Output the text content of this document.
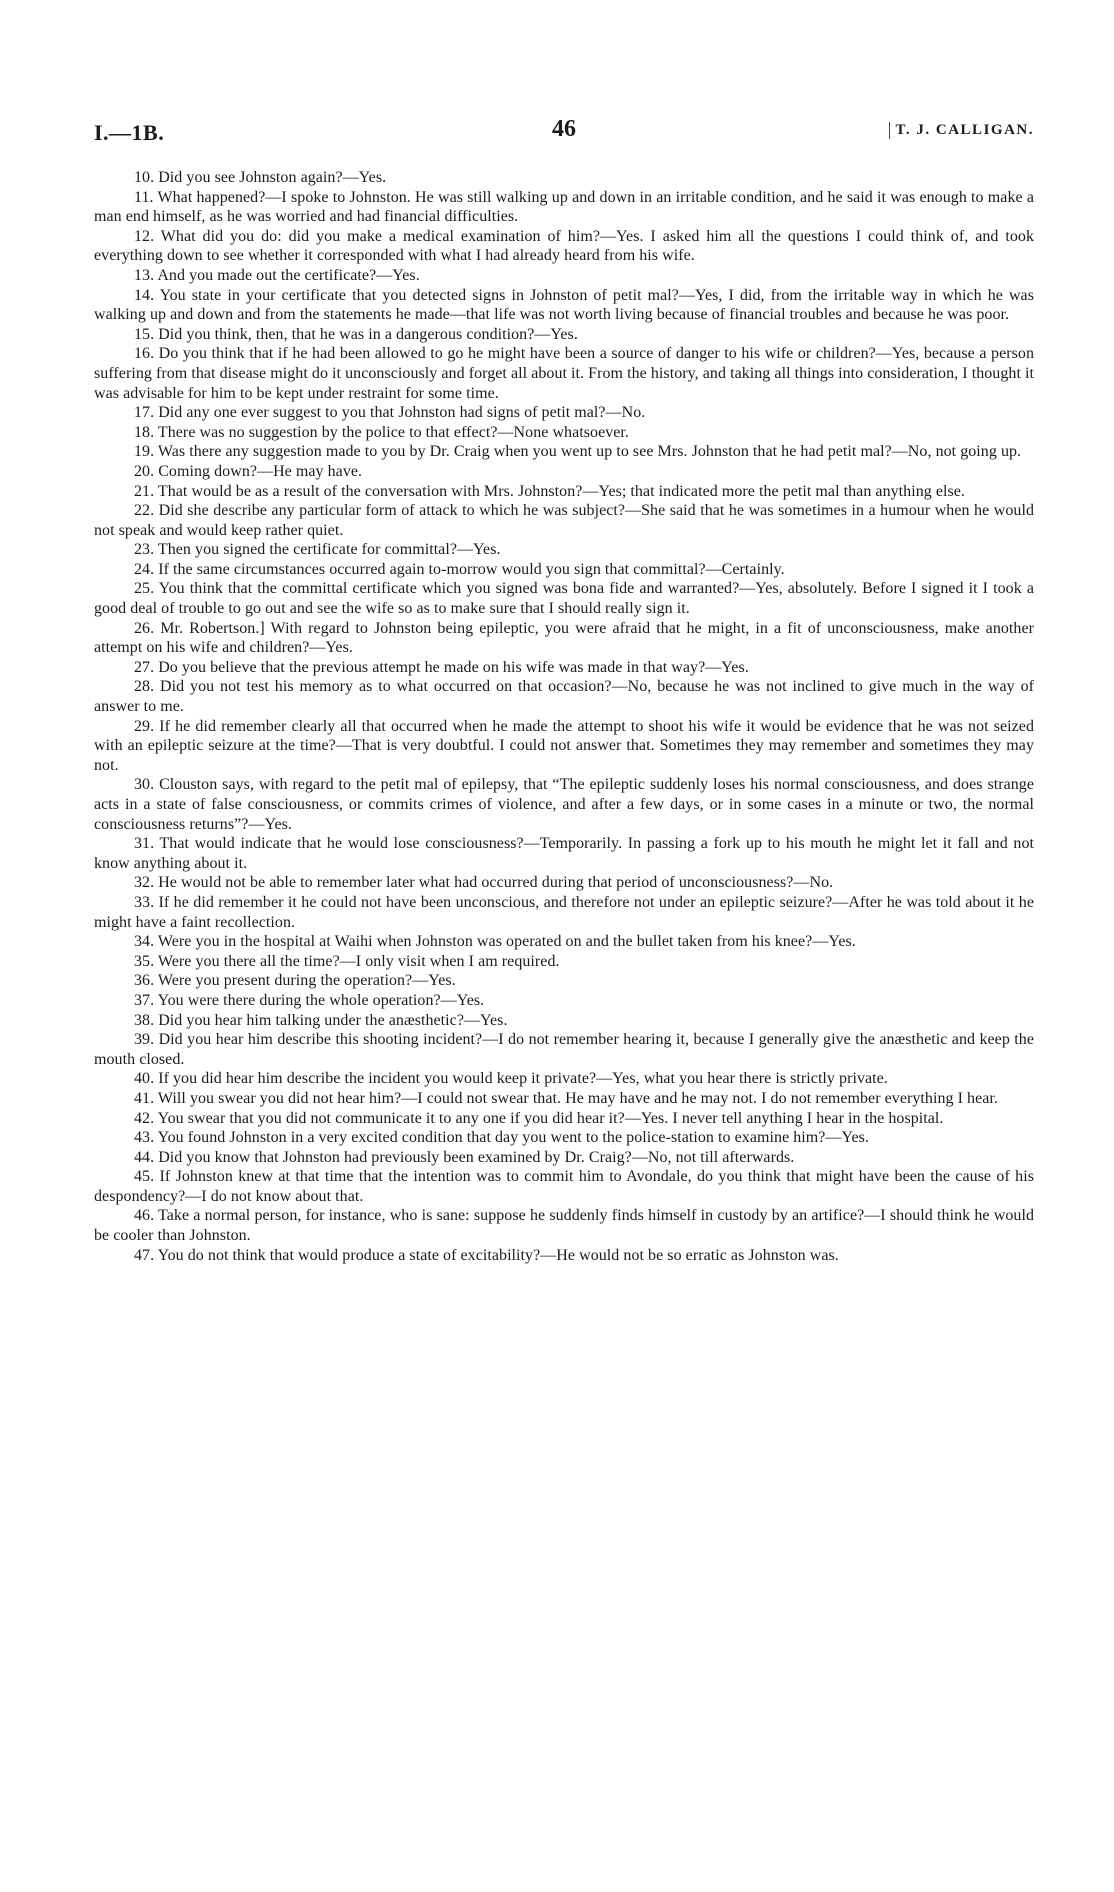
I.—1B.	46	T. J. CALLIGAN.

10. Did you see Johnston again?—Yes.

11. What happened?—I spoke to Johnston. He was still walking up and down in an irritable condition, and he said it was enough to make a man end himself, as he was worried and had financial difficulties.

12. What did you do: did you make a medical examination of him?—Yes. I asked him all the questions I could think of, and took everything down to see whether it corresponded with what I had already heard from his wife.

13. And you made out the certificate?—Yes.

14. You state in your certificate that you detected signs in Johnston of petit mal?—Yes, I did, from the irritable way in which he was walking up and down and from the statements he made—that life was not worth living because of financial troubles and because he was poor.

15. Did you think, then, that he was in a dangerous condition?—Yes.

16. Do you think that if he had been allowed to go he might have been a source of danger to his wife or children?—Yes, because a person suffering from that disease might do it unconsciously and forget all about it. From the history, and taking all things into consideration, I thought it was advisable for him to be kept under restraint for some time.

17. Did any one ever suggest to you that Johnston had signs of petit mal?—No.

18. There was no suggestion by the police to that effect?—None whatsoever.

19. Was there any suggestion made to you by Dr. Craig when you went up to see Mrs. Johnston that he had petit mal?—No, not going up.

20. Coming down?—He may have.

21. That would be as a result of the conversation with Mrs. Johnston?—Yes; that indicated more the petit mal than anything else.

22. Did she describe any particular form of attack to which he was subject?—She said that he was sometimes in a humour when he would not speak and would keep rather quiet.

23. Then you signed the certificate for committal?—Yes.

24. If the same circumstances occurred again to-morrow would you sign that committal?—Certainly.

25. You think that the committal certificate which you signed was bona fide and warranted?—Yes, absolutely. Before I signed it I took a good deal of trouble to go out and see the wife so as to make sure that I should really sign it.

26. Mr. Robertson.] With regard to Johnston being epileptic, you were afraid that he might, in a fit of unconsciousness, make another attempt on his wife and children?—Yes.

27. Do you believe that the previous attempt he made on his wife was made in that way?—Yes.

28. Did you not test his memory as to what occurred on that occasion?—No, because he was not inclined to give much in the way of answer to me.

29. If he did remember clearly all that occurred when he made the attempt to shoot his wife it would be evidence that he was not seized with an epileptic seizure at the time?—That is very doubtful. I could not answer that. Sometimes they may remember and sometimes they may not.

30. Clouston says, with regard to the petit mal of epilepsy, that “The epileptic suddenly loses his normal consciousness, and does strange acts in a state of false consciousness, or commits crimes of violence, and after a few days, or in some cases in a minute or two, the normal consciousness returns”?—Yes.

31. That would indicate that he would lose consciousness?—Temporarily. In passing a fork up to his mouth he might let it fall and not know anything about it.

32. He would not be able to remember later what had occurred during that period of unconsciousness?—No.

33. If he did remember it he could not have been unconscious, and therefore not under an epileptic seizure?—After he was told about it he might have a faint recollection.

34. Were you in the hospital at Waihi when Johnston was operated on and the bullet taken from his knee?—Yes.

35. Were you there all the time?—I only visit when I am required.

36. Were you present during the operation?—Yes.

37. You were there during the whole operation?—Yes.

38. Did you hear him talking under the anæsthetic?—Yes.

39. Did you hear him describe this shooting incident?—I do not remember hearing it, because I generally give the anæsthetic and keep the mouth closed.

40. If you did hear him describe the incident you would keep it private?—Yes, what you hear there is strictly private.

41. Will you swear you did not hear him?—I could not swear that. He may have and he may not. I do not remember everything I hear.

42. You swear that you did not communicate it to any one if you did hear it?—Yes. I never tell anything I hear in the hospital.

43. You found Johnston in a very excited condition that day you went to the police-station to examine him?—Yes.

44. Did you know that Johnston had previously been examined by Dr. Craig?—No, not till afterwards.

45. If Johnston knew at that time that the intention was to commit him to Avondale, do you think that might have been the cause of his despondency?—I do not know about that.

46. Take a normal person, for instance, who is sane: suppose he suddenly finds himself in custody by an artifice?—I should think he would be cooler than Johnston.

47. You do not think that would produce a state of excitability?—He would not be so erratic as Johnston was.
